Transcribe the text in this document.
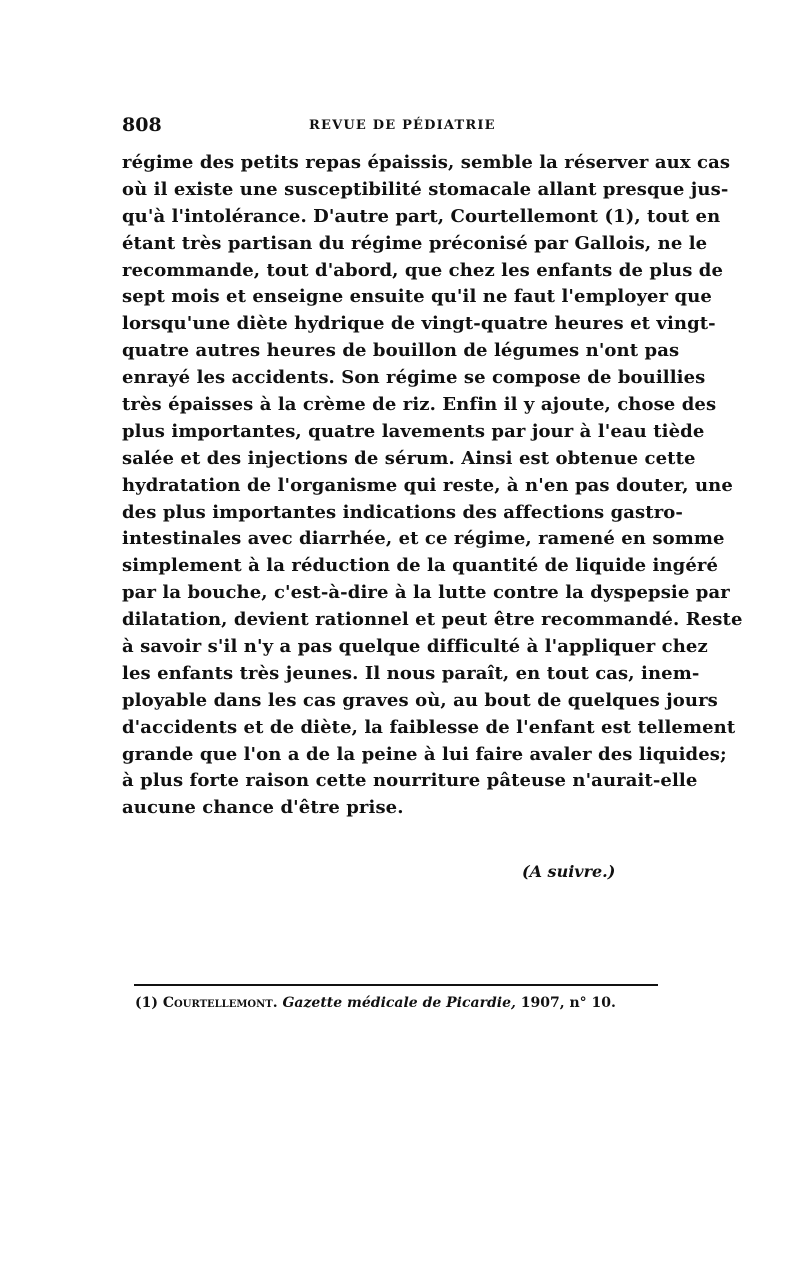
808	REVUE DE PÉDIATRIE
régime des petits repas épaissis, semble la réserver aux cas
où il existe une susceptibilité stomacale allant presque jus-
qu'à l'intolérance. D'autre part, Courtellemont (1), tout en
étant très partisan du régime préconisé par Gallois, ne le
recommande, tout d'abord, que chez les enfants de plus de
sept mois et enseigne ensuite qu'il ne faut l'employer que
lorsqu'une diète hydrique de vingt-quatre heures et vingt-
quatre autres heures de bouillon de légumes n'ont pas
enrayé les accidents. Son régime se compose de bouillies
très épaisses à la crème de riz. Enfin il y ajoute, chose des
plus importantes, quatre lavements par jour à l'eau tiède
salée et des injections de sérum. Ainsi est obtenue cette
hydratation de l'organisme qui reste, à n'en pas douter, une
des plus importantes indications des affections gastro-
intestinales avec diarrhée, et ce régime, ramené en somme
simplement à la réduction de la quantité de liquide ingéré
par la bouche, c'est-à-dire à la lutte contre la dyspepsie par
dilatation, devient rationnel et peut être recommandé. Reste
à savoir s'il n'y a pas quelque difficulté à l'appliquer chez
les enfants très jeunes. Il nous paraît, en tout cas, inem-
ployable dans les cas graves où, au bout de quelques jours
d'accidents et de diète, la faiblesse de l'enfant est tellement
grande que l'on a de la peine à lui faire avaler des liquides;
à plus forte raison cette nourriture pâteuse n'aurait-elle
aucune chance d'être prise.
(A suivre.)
(1) Courtellemont. Gazette médicale de Picardie, 1907, n° 10.
